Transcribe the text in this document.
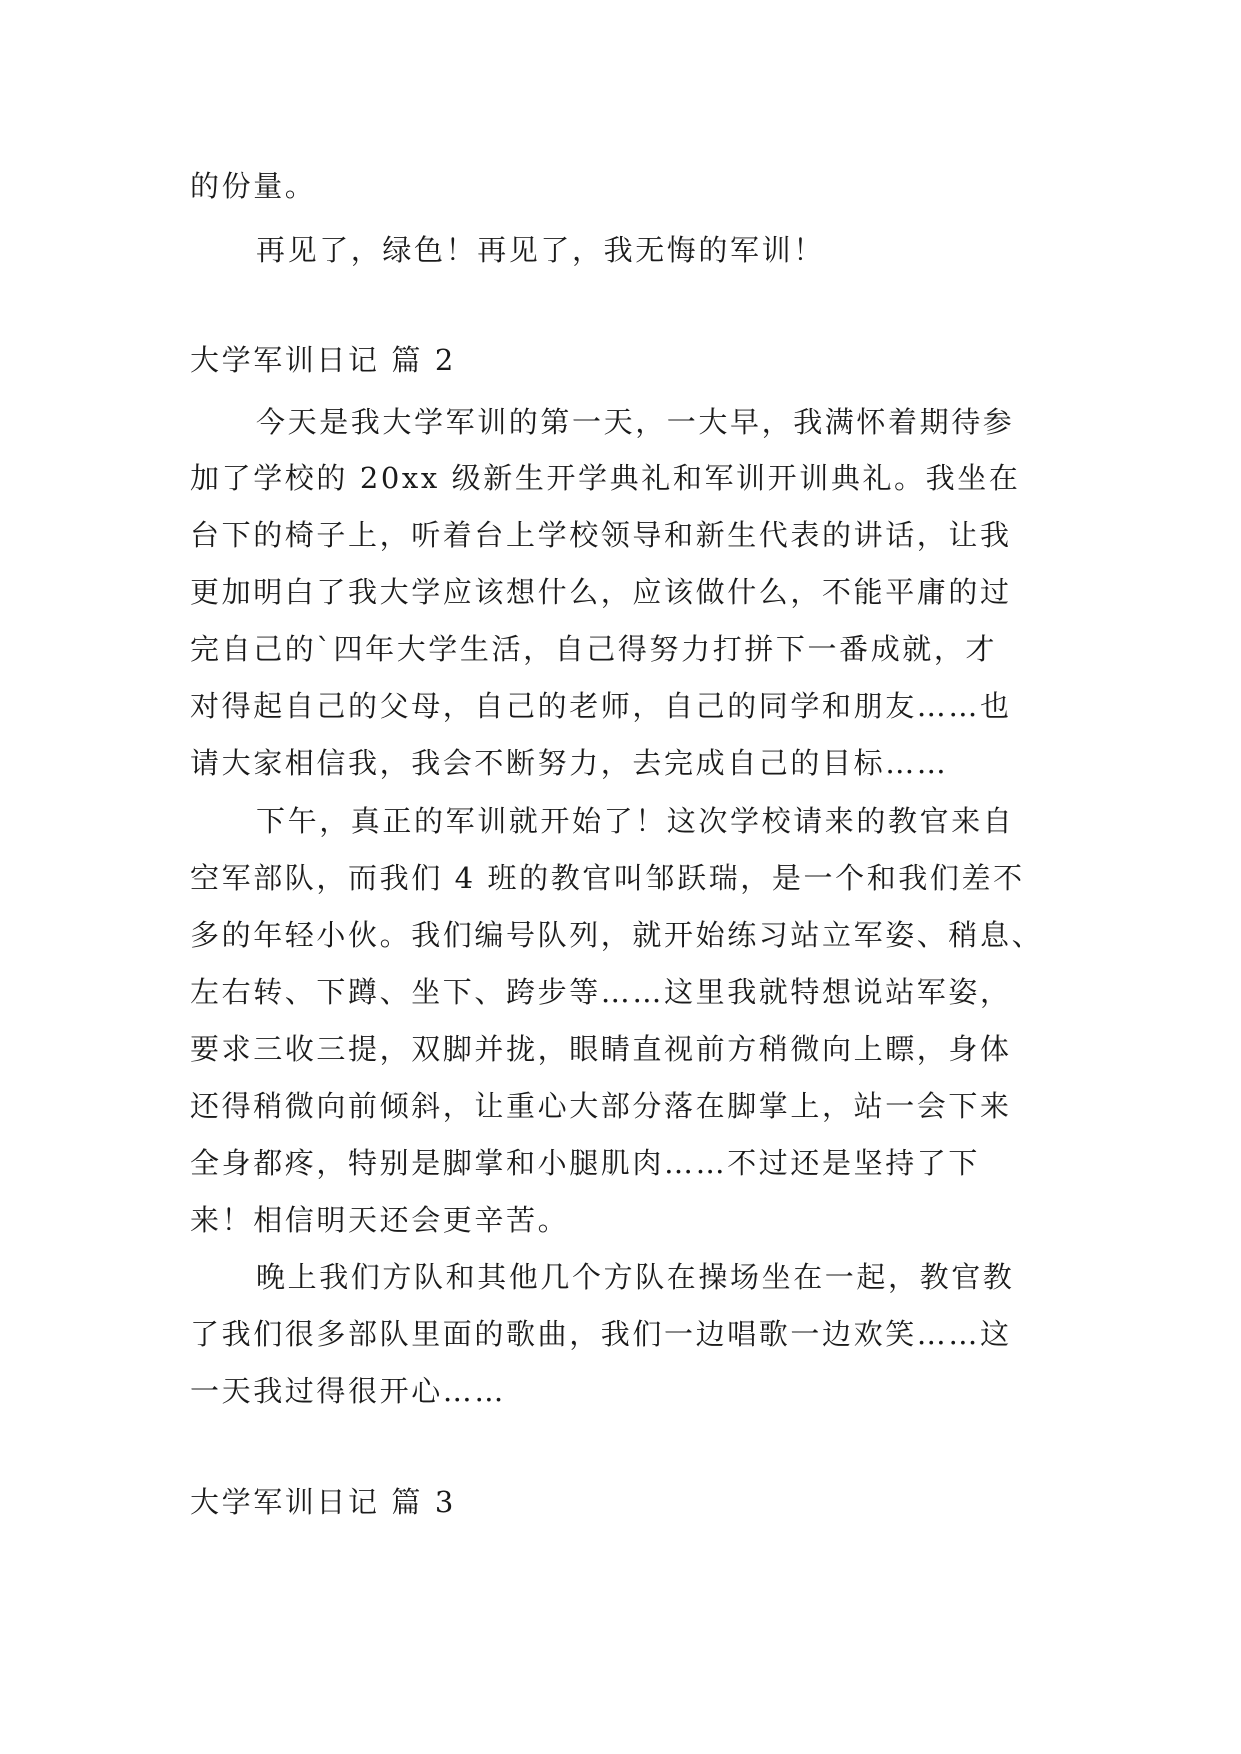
的份量。

再见了，绿色！再见了，我无悔的军训！

大学军训日记 篇 2

今天是我大学军训的第一天，一大早，我满怀着期待参

加了学校的 20xx 级新生开学典礼和军训开训典礼。我坐在

台下的椅子上，听着台上学校领导和新生代表的讲话，让我

更加明白了我大学应该想什么，应该做什么，不能平庸的过

完自己的`四年大学生活，自己得努力打拼下一番成就，才

对得起自己的父母，自己的老师，自己的同学和朋友……也

请大家相信我，我会不断努力，去完成自己的目标……

下午，真正的军训就开始了！这次学校请来的教官来自

空军部队，而我们 4 班的教官叫邹跃瑞，是一个和我们差不

多的年轻小伙。我们编号队列，就开始练习站立军姿、稍息、

左右转、下蹲、坐下、跨步等……这里我就特想说站军姿，

要求三收三提，双脚并拢，眼睛直视前方稍微向上瞟，身体

还得稍微向前倾斜，让重心大部分落在脚掌上，站一会下来

全身都疼，特别是脚掌和小腿肌肉……不过还是坚持了下

来！相信明天还会更辛苦。

晚上我们方队和其他几个方队在操场坐在一起，教官教

了我们很多部队里面的歌曲，我们一边唱歌一边欢笑……这

一天我过得很开心……

大学军训日记 篇 3
